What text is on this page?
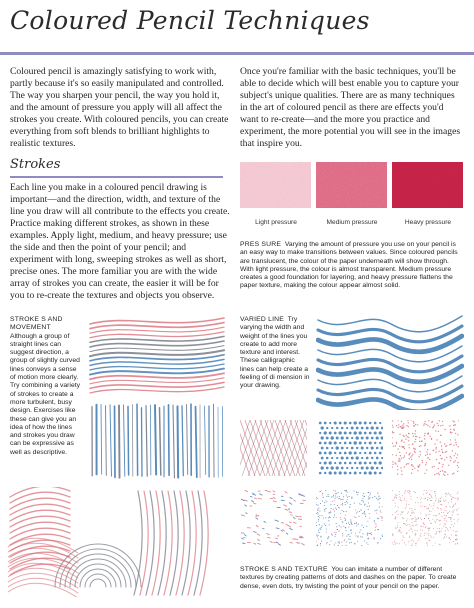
Coloured Pencil Techniques

Coloured pencil is amazingly satisfying to work with, partly because it's so easily manipulated and controlled. The way you sharpen your pencil, the way you hold it, and the amount of pressure you apply will all affect the strokes you create. With coloured pencils, you can create everything from soft blends to brilliant highlights to realistic textures.

Once you're familiar with the basic techniques, you'll be able to decide which will best enable you to capture your subject's unique qualities. There are as many techniques in the art of coloured pencil as there are effects you'd want to re-create—and the more you practice and experiment, the more potential you will see in the images that inspire you.

Strokes

Each line you make in a coloured pencil drawing is important—and the direction, width, and texture of the line you draw will all contribute to the effects you create. Practice making different strokes, as shown in these examples. Apply light, medium, and heavy pressure; use the side and then the point of your pencil; and experiment with long, sweeping strokes as well as short, precise ones. The more familiar you are with the wide array of strokes you can create, the easier it will be for you to re-create the textures and objects you observe.

Light pressure	Medium pressure	Heavy pressure

PRES SURE Varying the amount of pressure you use on your pencil is an easy way to make transitions between values. Since coloured pencils are translucent, the colour of the paper underneath will show through. With light pressure, the colour is almost transparent. Medium pressure creates a good foundation for layering, and heavy pressure flattens the paper texture, making the colour appear almost solid.

STROKE S AND MOVEMENT
Although a group of straight lines can suggest direction, a group of slightly curved lines conveys a sense of motion more clearly. Try combining a variety of strokes to create a more turbulent, busy design. Exercises like these can give you an idea of how the lines and strokes you draw can be expressive as well as descriptive.

VARIED LINE Try varying the width and weight of the lines you create to add more texture and interest. These calligraphic lines can help create a feeling of di mension in your drawing.

STROKE S AND TEXTURE You can imitate a number of different textures by creating patterns of dots and dashes on the paper. To create dense, even dots, try twisting the point of your pencil on the paper.
